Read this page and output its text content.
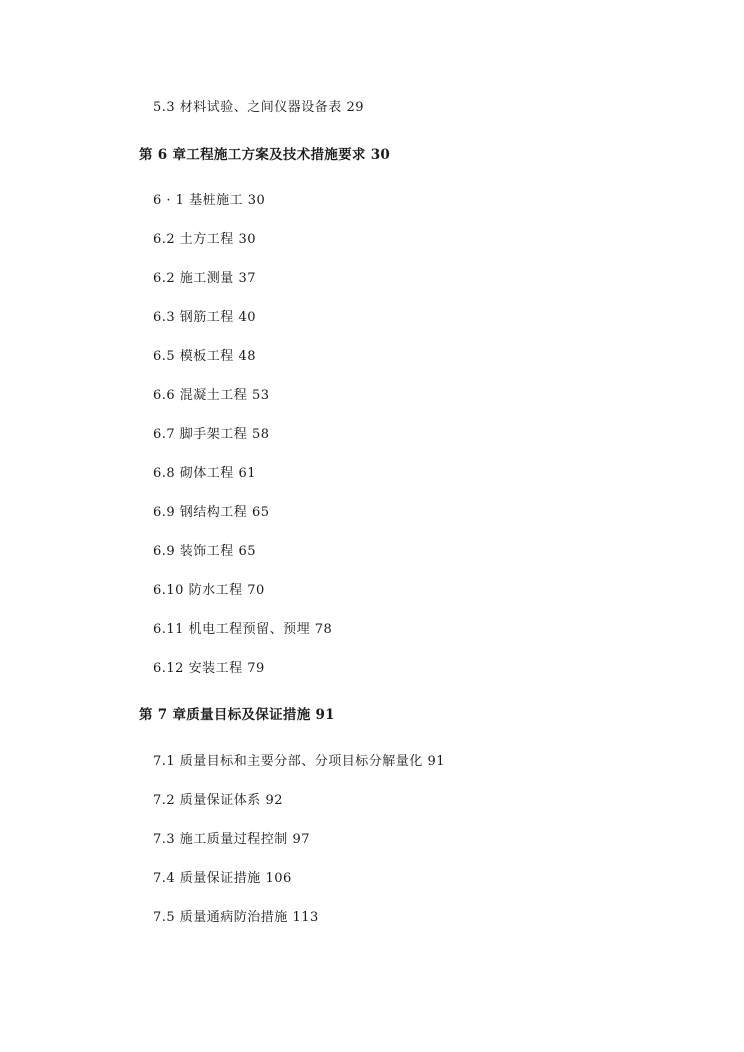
5.3 材料试验、之间仪器设备表 29
第 6 章工程施工方案及技术措施要求 30
6 · 1 基桩施工 30
6.2 土方工程 30
6.2 施工测量 37
6.3 钢筋工程 40
6.5 模板工程 48
6.6 混凝土工程 53
6.7 脚手架工程 58
6.8 砌体工程 61
6.9 钢结构工程 65
6.9 装饰工程 65
6.10 防水工程 70
6.11 机电工程预留、预埋 78
6.12 安装工程 79
第 7 章质量目标及保证措施 91
7.1 质量目标和主要分部、分项目标分解量化 91
7.2 质量保证体系 92
7.3 施工质量过程控制 97
7.4 质量保证措施 106
7.5 质量通病防治措施 113
